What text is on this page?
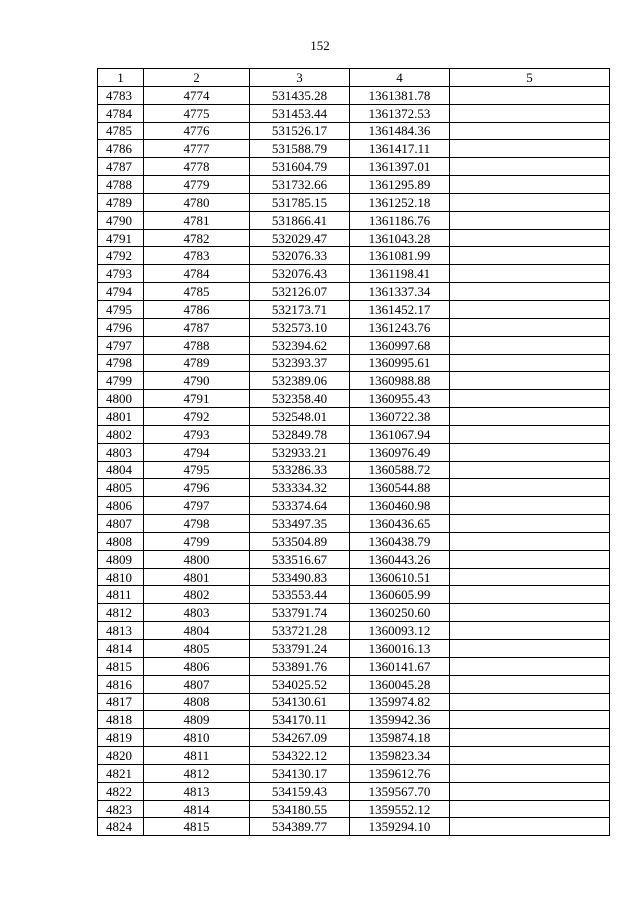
152
1	2	3	4	5
4783	4774	531435.28	1361381.78	
4784	4775	531453.44	1361372.53	
4785	4776	531526.17	1361484.36	
4786	4777	531588.79	1361417.11	
4787	4778	531604.79	1361397.01	
4788	4779	531732.66	1361295.89	
4789	4780	531785.15	1361252.18	
4790	4781	531866.41	1361186.76	
4791	4782	532029.47	1361043.28	
4792	4783	532076.33	1361081.99	
4793	4784	532076.43	1361198.41	
4794	4785	532126.07	1361337.34	
4795	4786	532173.71	1361452.17	
4796	4787	532573.10	1361243.76	
4797	4788	532394.62	1360997.68	
4798	4789	532393.37	1360995.61	
4799	4790	532389.06	1360988.88	
4800	4791	532358.40	1360955.43	
4801	4792	532548.01	1360722.38	
4802	4793	532849.78	1361067.94	
4803	4794	532933.21	1360976.49	
4804	4795	533286.33	1360588.72	
4805	4796	533334.32	1360544.88	
4806	4797	533374.64	1360460.98	
4807	4798	533497.35	1360436.65	
4808	4799	533504.89	1360438.79	
4809	4800	533516.67	1360443.26	
4810	4801	533490.83	1360610.51	
4811	4802	533553.44	1360605.99	
4812	4803	533791.74	1360250.60	
4813	4804	533721.28	1360093.12	
4814	4805	533791.24	1360016.13	
4815	4806	533891.76	1360141.67	
4816	4807	534025.52	1360045.28	
4817	4808	534130.61	1359974.82	
4818	4809	534170.11	1359942.36	
4819	4810	534267.09	1359874.18	
4820	4811	534322.12	1359823.34	
4821	4812	534130.17	1359612.76	
4822	4813	534159.43	1359567.70	
4823	4814	534180.55	1359552.12	
4824	4815	534389.77	1359294.10	
